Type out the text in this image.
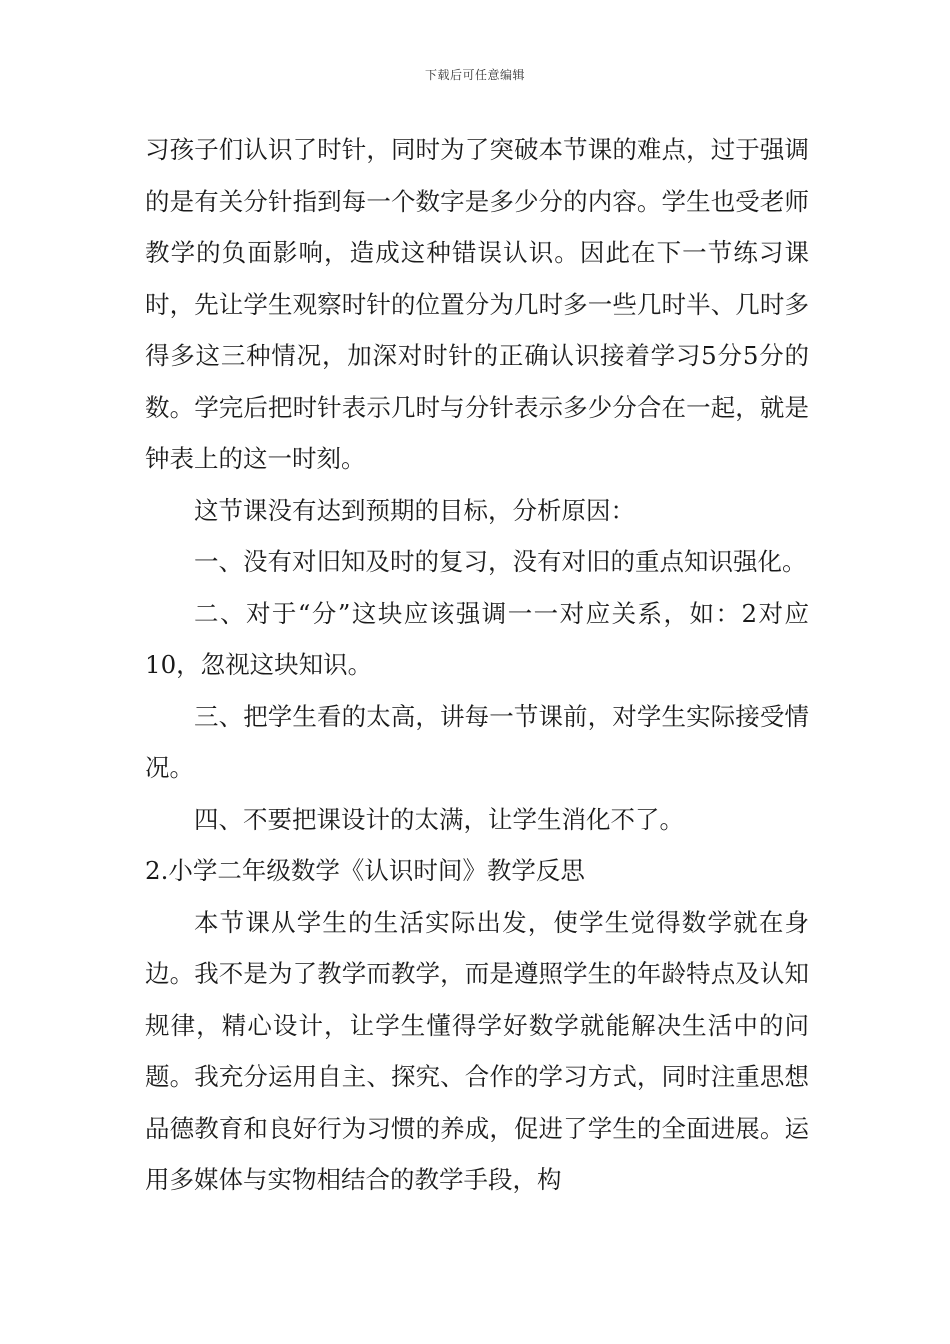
下载后可任意编辑

习孩子们认识了时针，同时为了突破本节课的难点，过于强调的是有关分针指到每一个数字是多少分的内容。学生也受老师教学的负面影响，造成这种错误认识。因此在下一节练习课时，先让学生观察时针的位置分为几时多一些几时半、几时多得多这三种情况，加深对时针的正确认识接着学习5分5分的数。学完后把时针表示几时与分针表示多少分合在一起，就是钟表上的这一时刻。

这节课没有达到预期的目标，分析原因：

一、没有对旧知及时的复习，没有对旧的重点知识强化。

二、对于“分”这块应该强调一一对应关系，如：2对应10，忽视这块知识。

三、把学生看的太高，讲每一节课前，对学生实际接受情况。

四、不要把课设计的太满，让学生消化不了。

2.小学二年级数学《认识时间》教学反思

本节课从学生的生活实际出发，使学生觉得数学就在身边。我不是为了教学而教学，而是遵照学生的年龄特点及认知规律，精心设计，让学生懂得学好数学就能解决生活中的问题。我充分运用自主、探究、合作的学习方式，同时注重思想品德教育和良好行为习惯的养成，促进了学生的全面进展。运用多媒体与实物相结合的教学手段，构
